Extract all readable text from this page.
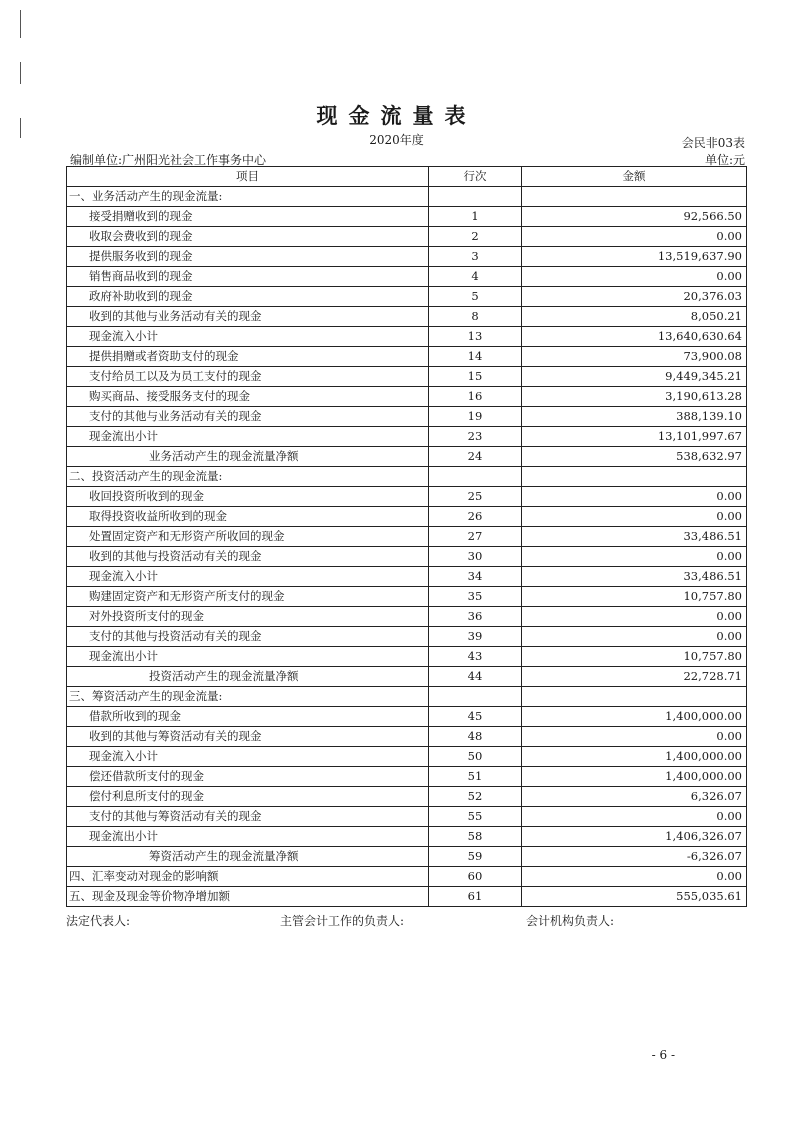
现金流量表
2020年度	会民非03表
编制单位:广州阳光社会工作事务中心	单位:元
项目	行次	金额
一、业务活动产生的现金流量:		
接受捐赠收到的现金	1	92,566.50
收取会费收到的现金	2	0.00
提供服务收到的现金	3	13,519,637.90
销售商品收到的现金	4	0.00
政府补助收到的现金	5	20,376.03
收到的其他与业务活动有关的现金	8	8,050.21
现金流入小计	13	13,640,630.64
提供捐赠或者资助支付的现金	14	73,900.08
支付给员工以及为员工支付的现金	15	9,449,345.21
购买商品、接受服务支付的现金	16	3,190,613.28
支付的其他与业务活动有关的现金	19	388,139.10
现金流出小计	23	13,101,997.67
业务活动产生的现金流量净额	24	538,632.97
二、投资活动产生的现金流量:		
收回投资所收到的现金	25	0.00
取得投资收益所收到的现金	26	0.00
处置固定资产和无形资产所收回的现金	27	33,486.51
收到的其他与投资活动有关的现金	30	0.00
现金流入小计	34	33,486.51
购建固定资产和无形资产所支付的现金	35	10,757.80
对外投资所支付的现金	36	0.00
支付的其他与投资活动有关的现金	39	0.00
现金流出小计	43	10,757.80
投资活动产生的现金流量净额	44	22,728.71
三、筹资活动产生的现金流量:		
借款所收到的现金	45	1,400,000.00
收到的其他与筹资活动有关的现金	48	0.00
现金流入小计	50	1,400,000.00
偿还借款所支付的现金	51	1,400,000.00
偿付利息所支付的现金	52	6,326.07
支付的其他与筹资活动有关的现金	55	0.00
现金流出小计	58	1,406,326.07
筹资活动产生的现金流量净额	59	-6,326.07
四、汇率变动对现金的影响额	60	0.00
五、现金及现金等价物净增加额	61	555,035.61
法定代表人:	主管会计工作的负责人:	会计机构负责人:
- 6 -
